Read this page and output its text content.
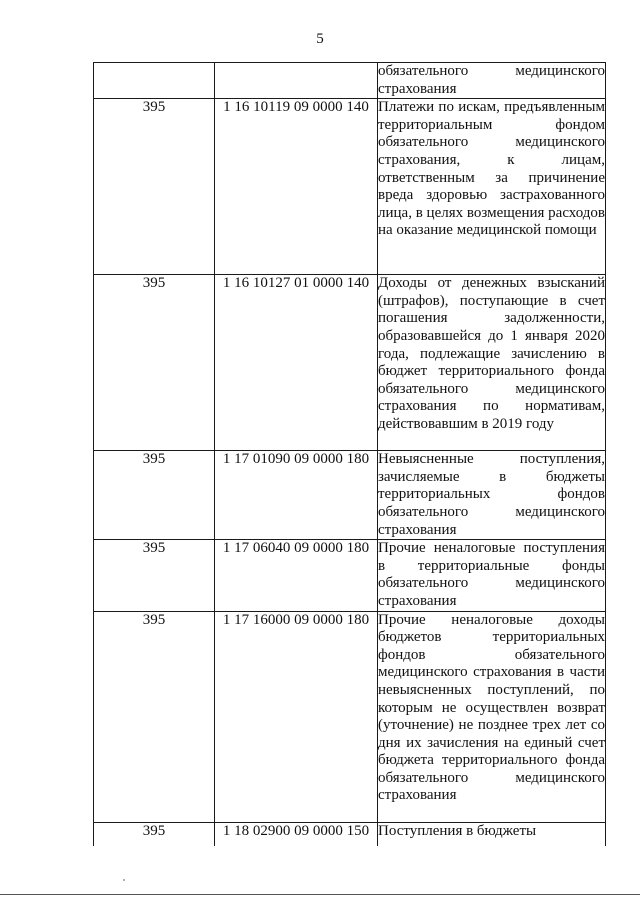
5

		обязательного медицинского страхования

395	1 16 10119 09 0000 140	Платежи по искам, предъявленным территориальным фондом обязательного медицинского страхования, к лицам, ответственным за причинение вреда здоровью застрахованного лица, в целях возмещения расходов на оказание медицинской помощи

395	1 16 10127 01 0000 140	Доходы от денежных взысканий (штрафов), поступающие в счет погашения задолженности, образовавшейся до 1 января 2020 года, подлежащие зачислению в бюджет территориального фонда обязательного медицинского страхования по нормативам, действовавшим в 2019 году

395	1 17 01090 09 0000 180	Невыясненные поступления, зачисляемые в бюджеты территориальных фондов обязательного медицинского страхования

395	1 17 06040 09 0000 180	Прочие неналоговые поступления в территориальные фонды обязательного медицинского страхования

395	1 17 16000 09 0000 180	Прочие неналоговые доходы бюджетов территориальных фондов обязательного медицинского страхования в части невыясненных поступлений, по которым не осуществлен возврат (уточнение) не позднее трех лет со дня их зачисления на единый счет бюджета территориального фонда обязательного медицинского страхования

395	1 18 02900 09 0000 150	Поступления в бюджеты
